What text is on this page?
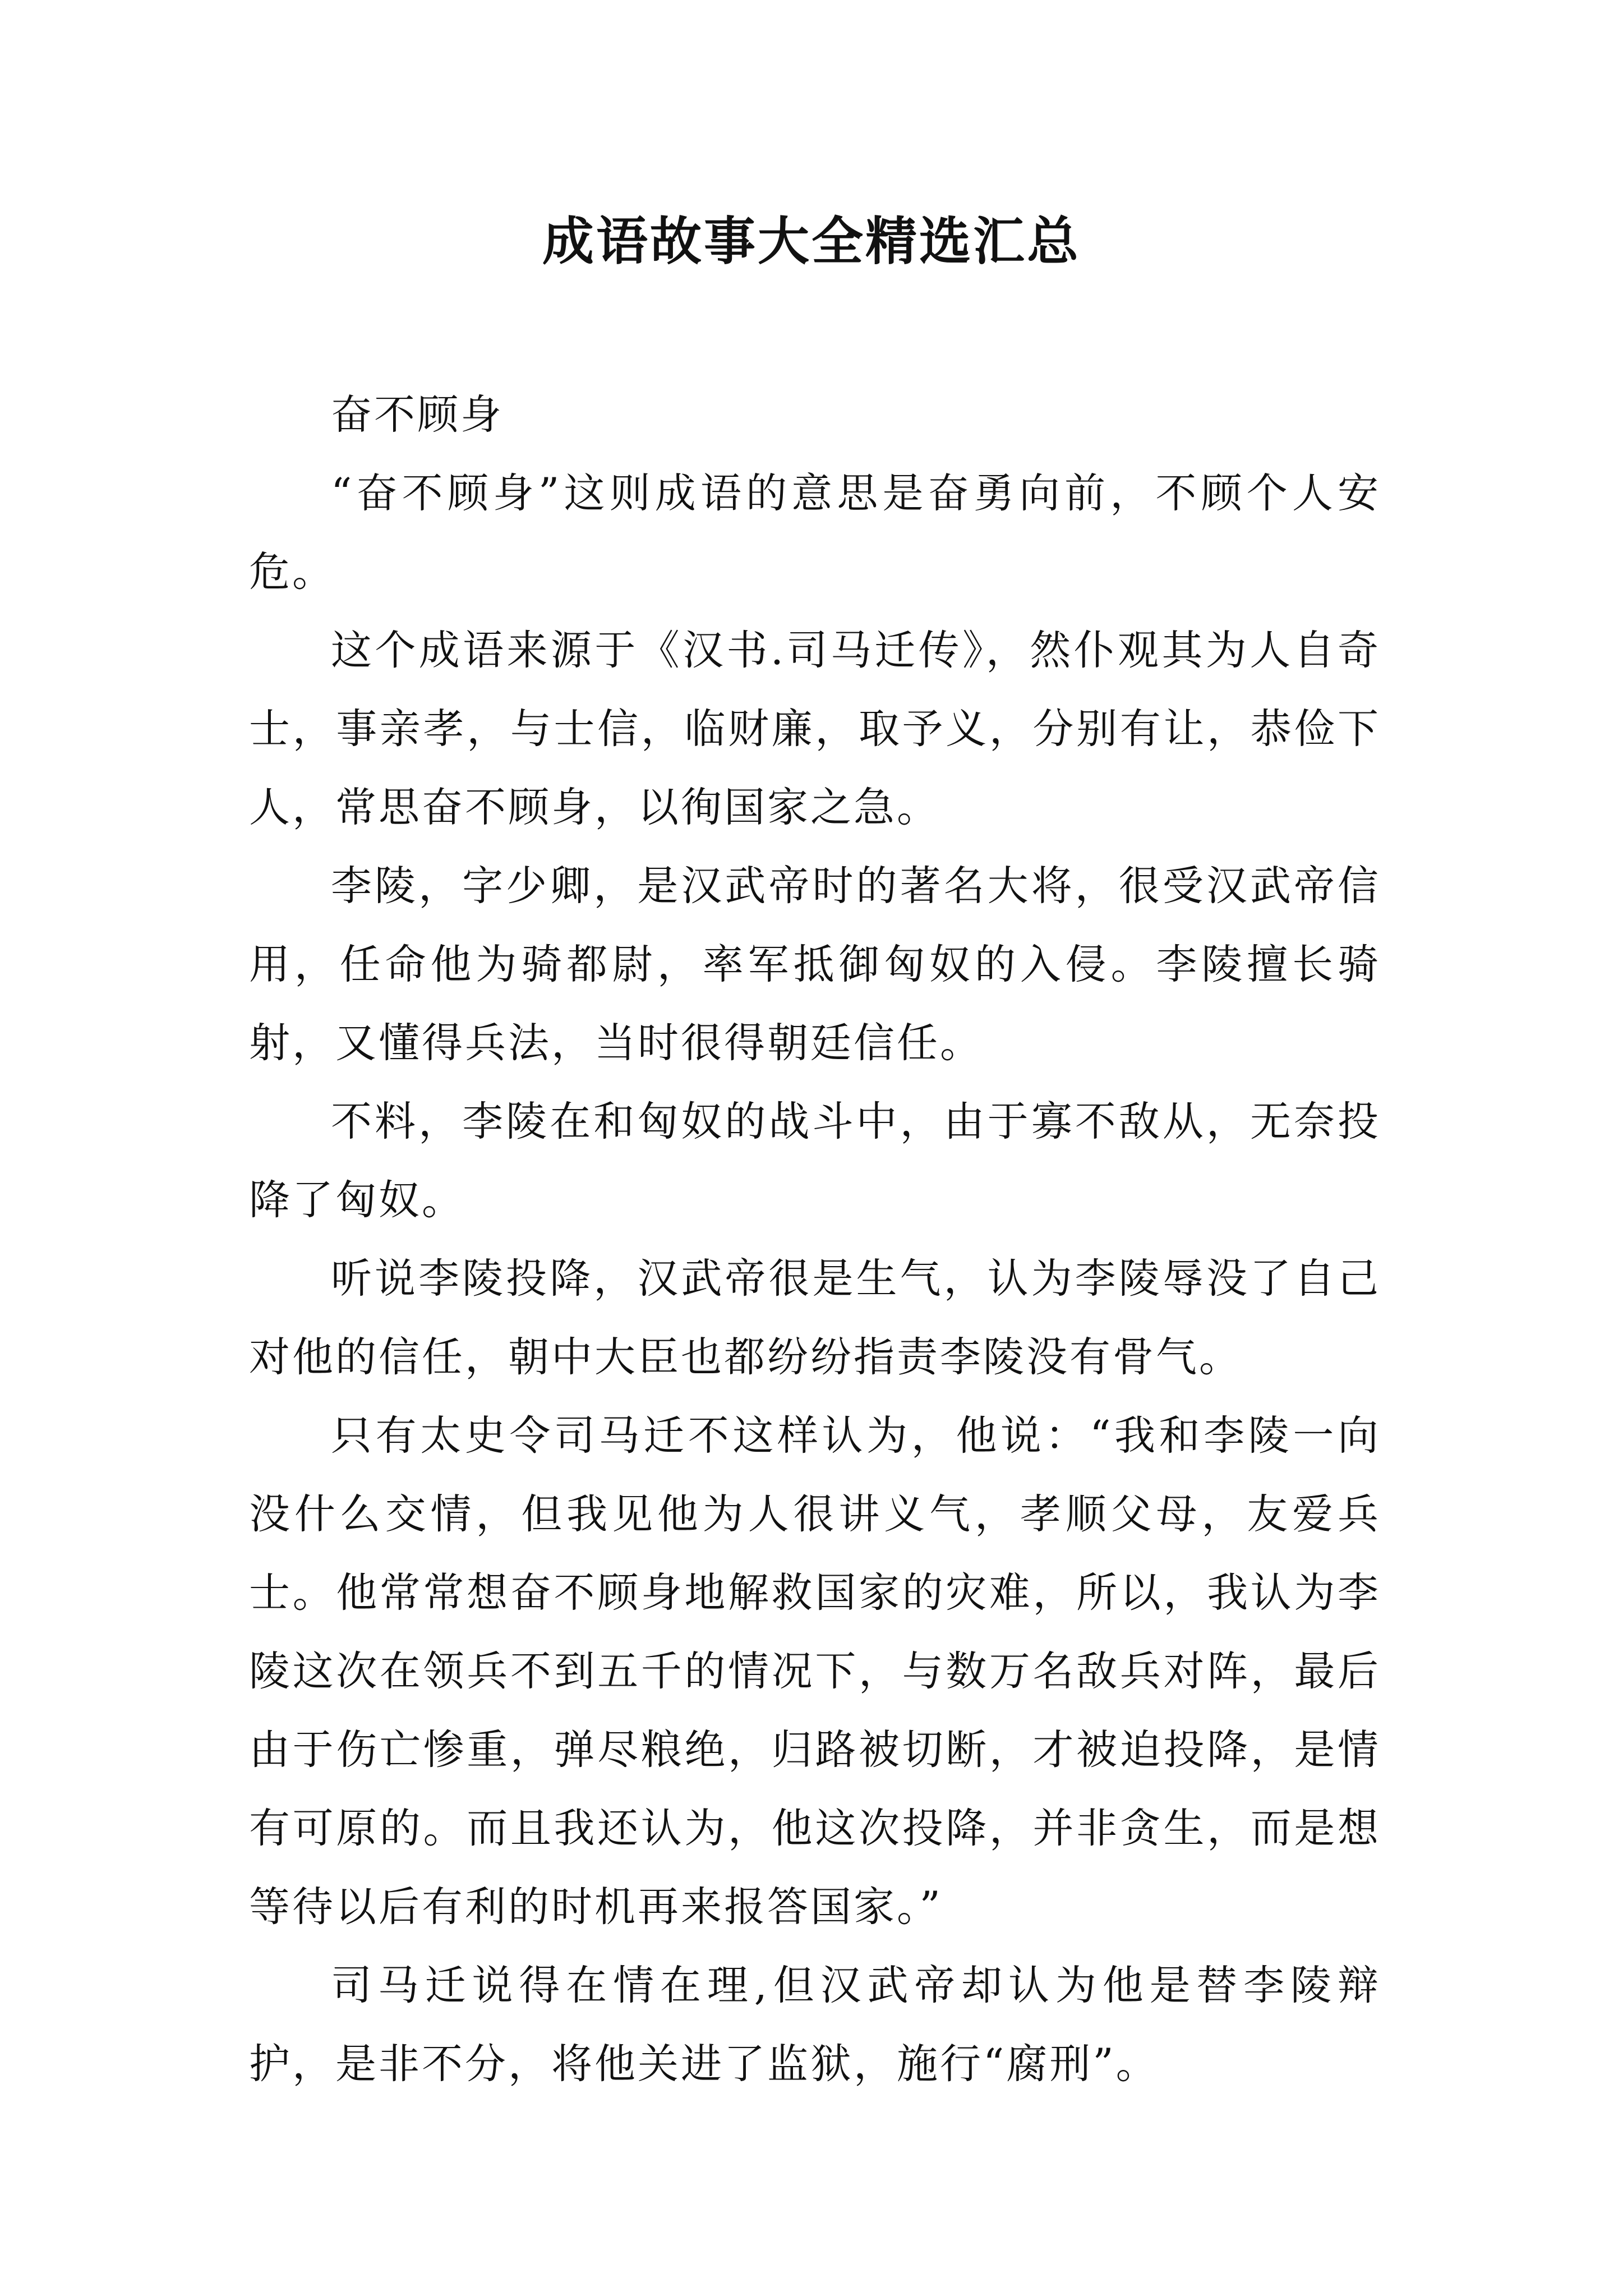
成语故事大全精选汇总

奋不顾身

“奋不顾身”这则成语的意思是奋勇向前，不顾个人安危。

这个成语来源于《汉书.司马迁传》，然仆观其为人自奇士，事亲孝，与士信，临财廉，取予义，分别有让，恭俭下人，常思奋不顾身，以徇国家之急。

李陵，字少卿，是汉武帝时的著名大将，很受汉武帝信用，任命他为骑都尉，率军抵御匈奴的入侵。李陵擅长骑射，又懂得兵法，当时很得朝廷信任。

不料，李陵在和匈奴的战斗中，由于寡不敌从，无奈投降了匈奴。

听说李陵投降，汉武帝很是生气，认为李陵辱没了自己对他的信任，朝中大臣也都纷纷指责李陵没有骨气。

只有太史令司马迁不这样认为，他说：“我和李陵一向没什么交情，但我见他为人很讲义气，孝顺父母，友爱兵士。他常常想奋不顾身地解救国家的灾难，所以，我认为李陵这次在领兵不到五千的情况下，与数万名敌兵对阵，最后由于伤亡惨重，弹尽粮绝，归路被切断，才被迫投降，是情有可原的。而且我还认为，他这次投降，并非贪生，而是想等待以后有利的时机再来报答国家。”

司马迁说得在情在理,但汉武帝却认为他是替李陵辩护，是非不分，将他关进了监狱，施行“腐刑”。
